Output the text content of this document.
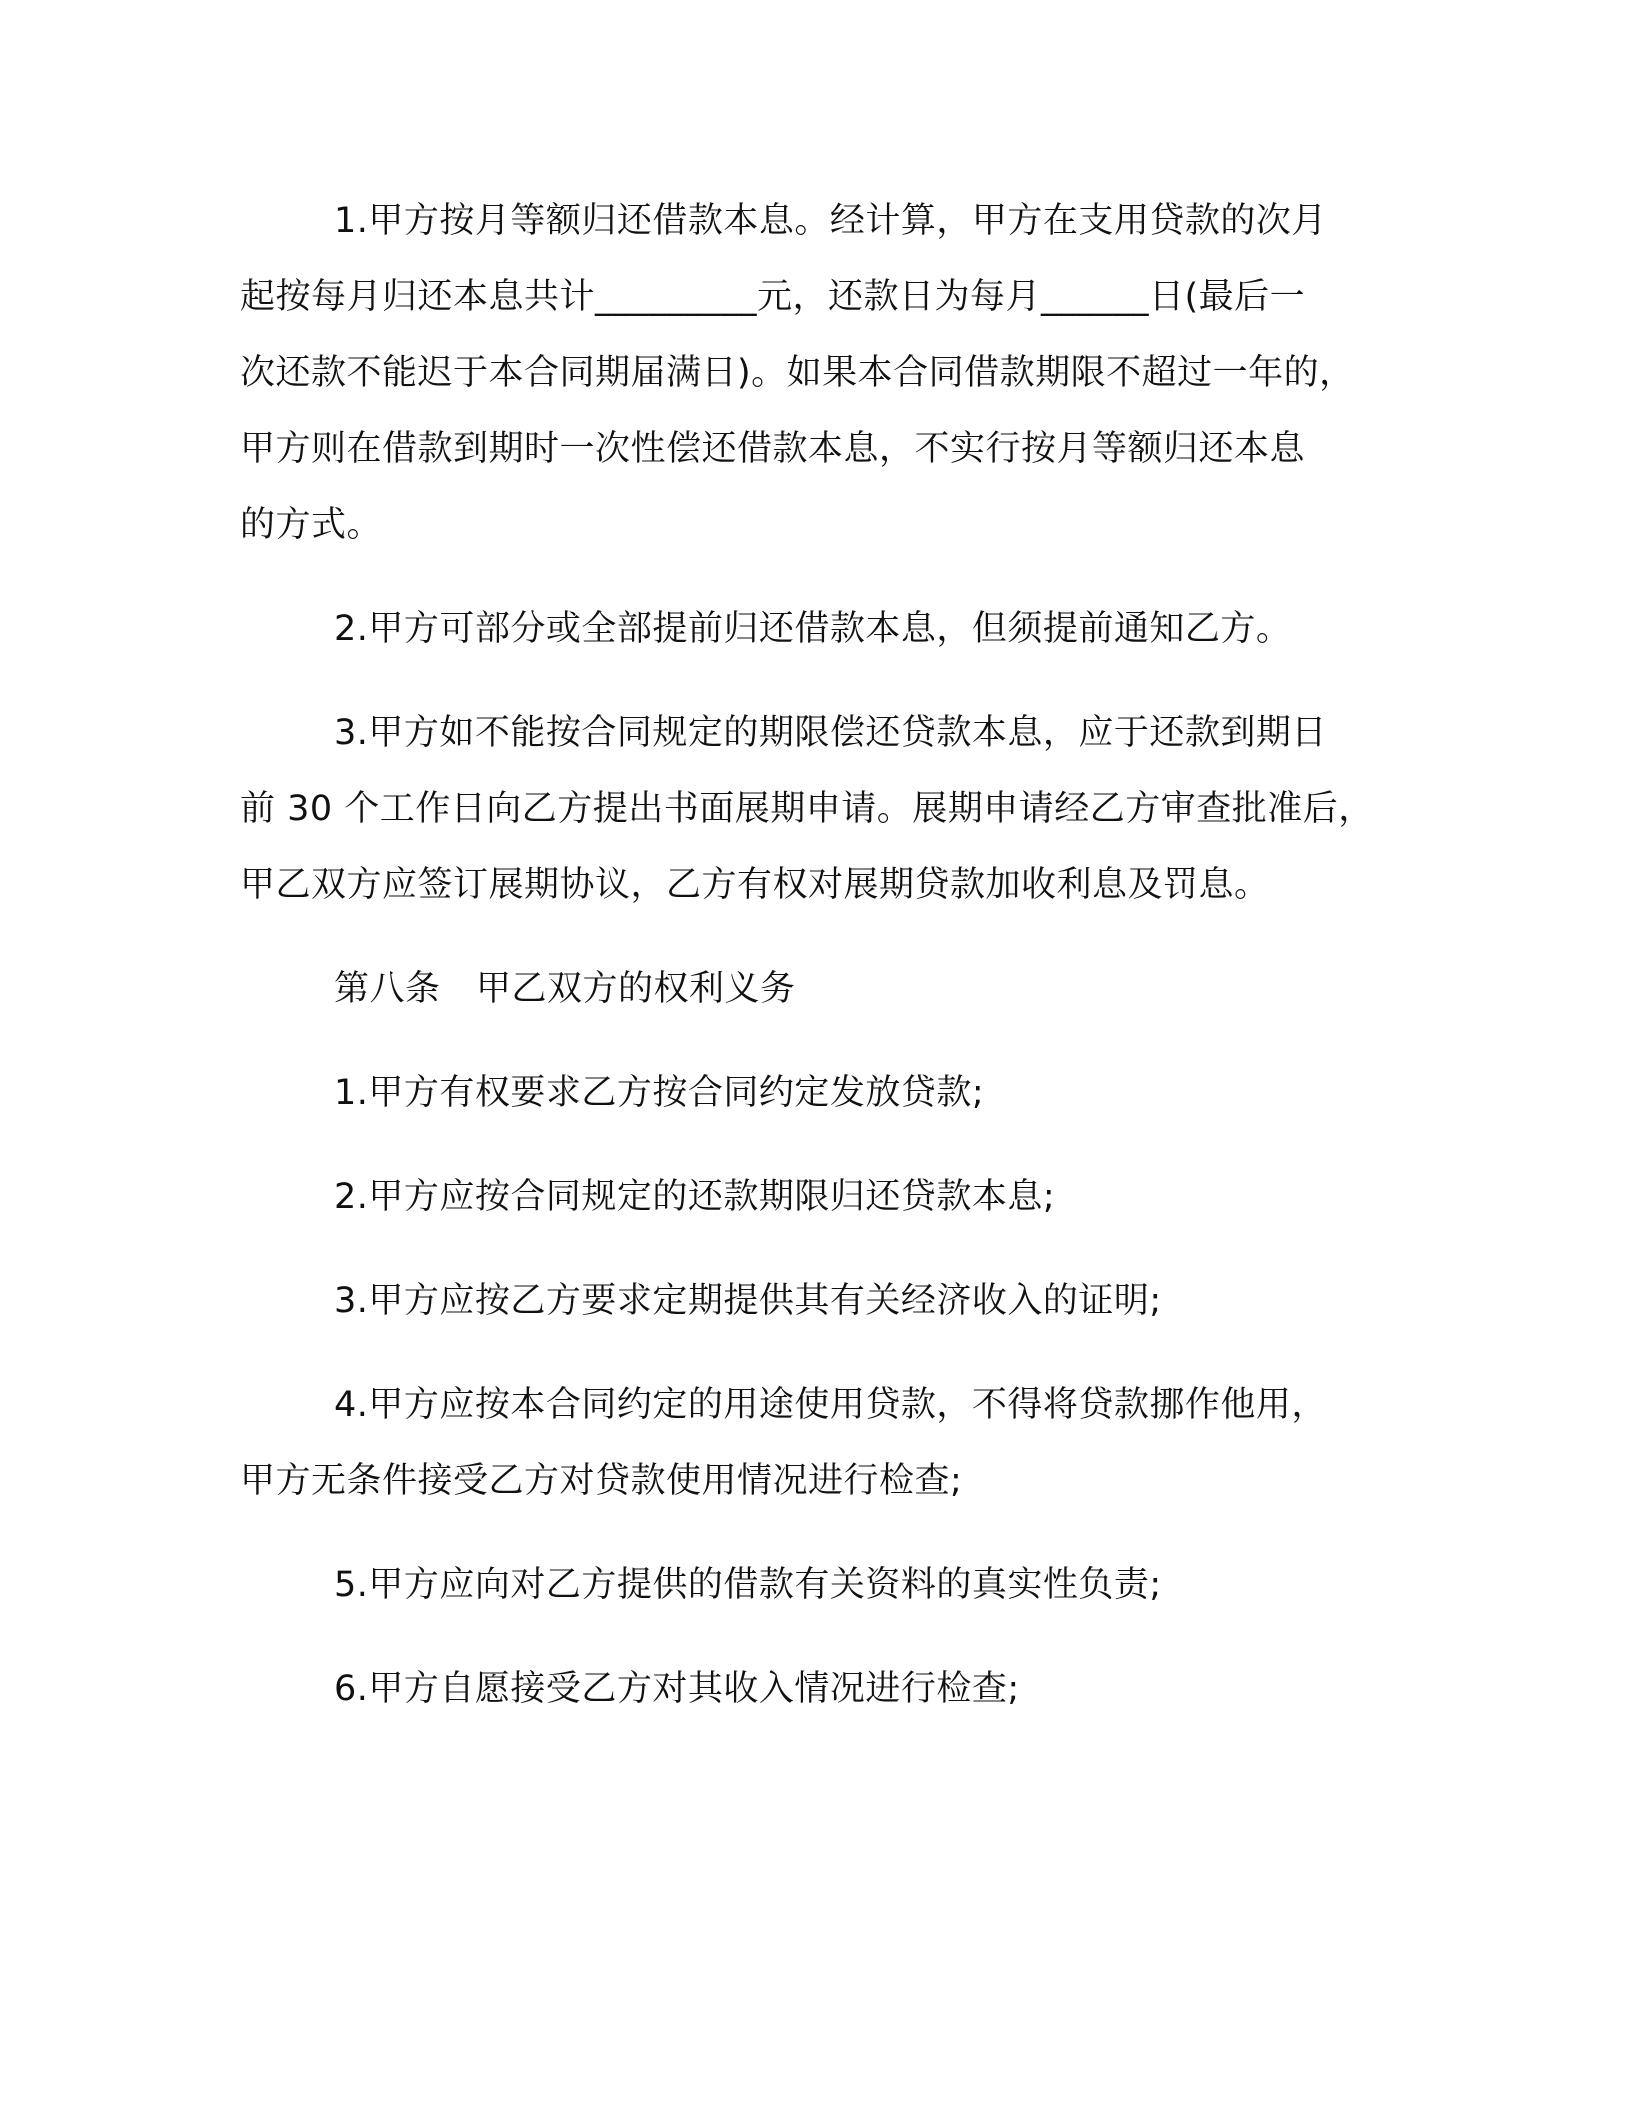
1.甲方按月等额归还借款本息。经计算，甲方在支用贷款的次月
起按每月归还本息共计_________元，还款日为每月______日(最后一
次还款不能迟于本合同期届满日)。如果本合同借款期限不超过一年的，
甲方则在借款到期时一次性偿还借款本息，不实行按月等额归还本息
的方式。

2.甲方可部分或全部提前归还借款本息，但须提前通知乙方。

3.甲方如不能按合同规定的期限偿还贷款本息，应于还款到期日
前 30 个工作日向乙方提出书面展期申请。展期申请经乙方审查批准后，
甲乙双方应签订展期协议，乙方有权对展期贷款加收利息及罚息。

第八条　甲乙双方的权利义务

1.甲方有权要求乙方按合同约定发放贷款;

2.甲方应按合同规定的还款期限归还贷款本息;

3.甲方应按乙方要求定期提供其有关经济收入的证明;

4.甲方应按本合同约定的用途使用贷款，不得将贷款挪作他用，
甲方无条件接受乙方对贷款使用情况进行检查;

5.甲方应向对乙方提供的借款有关资料的真实性负责;

6.甲方自愿接受乙方对其收入情况进行检查;
